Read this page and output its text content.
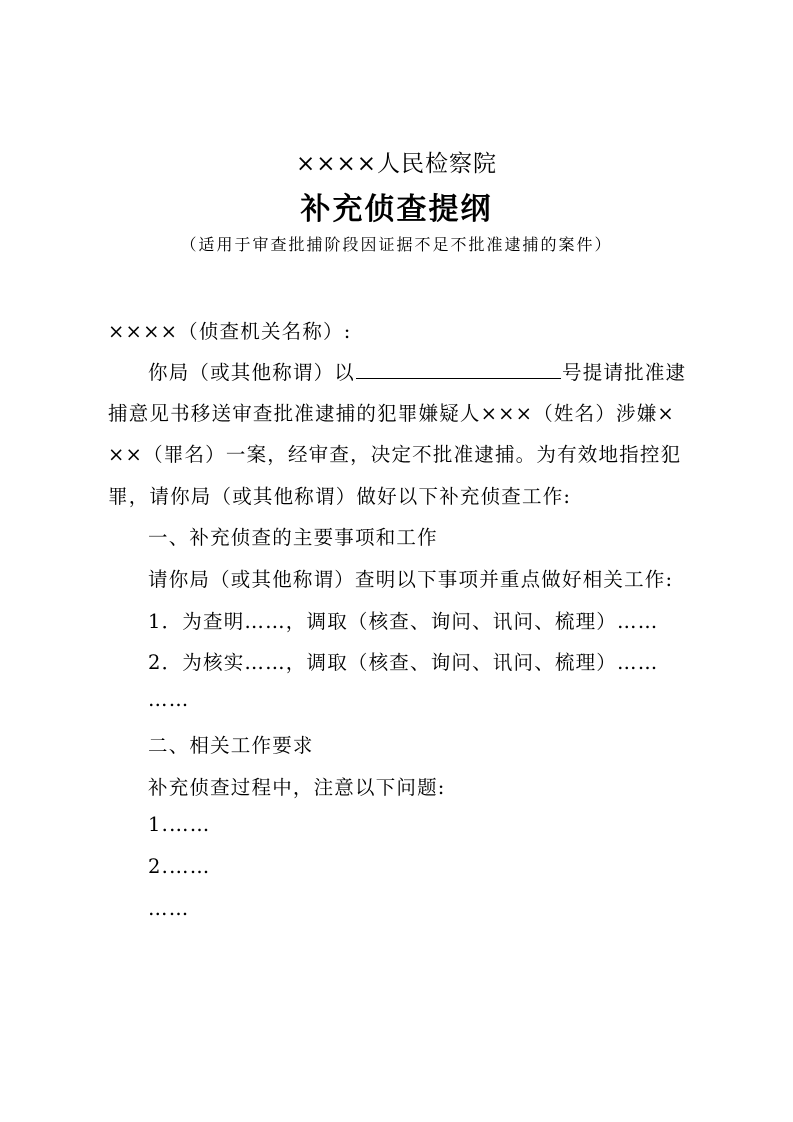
××××人民检察院
补充侦查提纲
（适用于审查批捕阶段因证据不足不批准逮捕的案件）
××××（侦查机关名称）:
你局（或其他称谓）以	号提请批准逮
捕意见书移送审查批准逮捕的犯罪嫌疑人×××（姓名）涉嫌×
××（罪名）一案，经审查，决定不批准逮捕。为有效地指控犯
罪，请你局（或其他称谓）做好以下补充侦查工作:
一、补充侦查的主要事项和工作
请你局（或其他称谓）查明以下事项并重点做好相关工作:
1．为查明……，调取（核查、询问、讯问、梳理）……
2．为核实……，调取（核查、询问、讯问、梳理）……
……
二、相关工作要求
补充侦查过程中，注意以下问题:
1.……
2.……
……
